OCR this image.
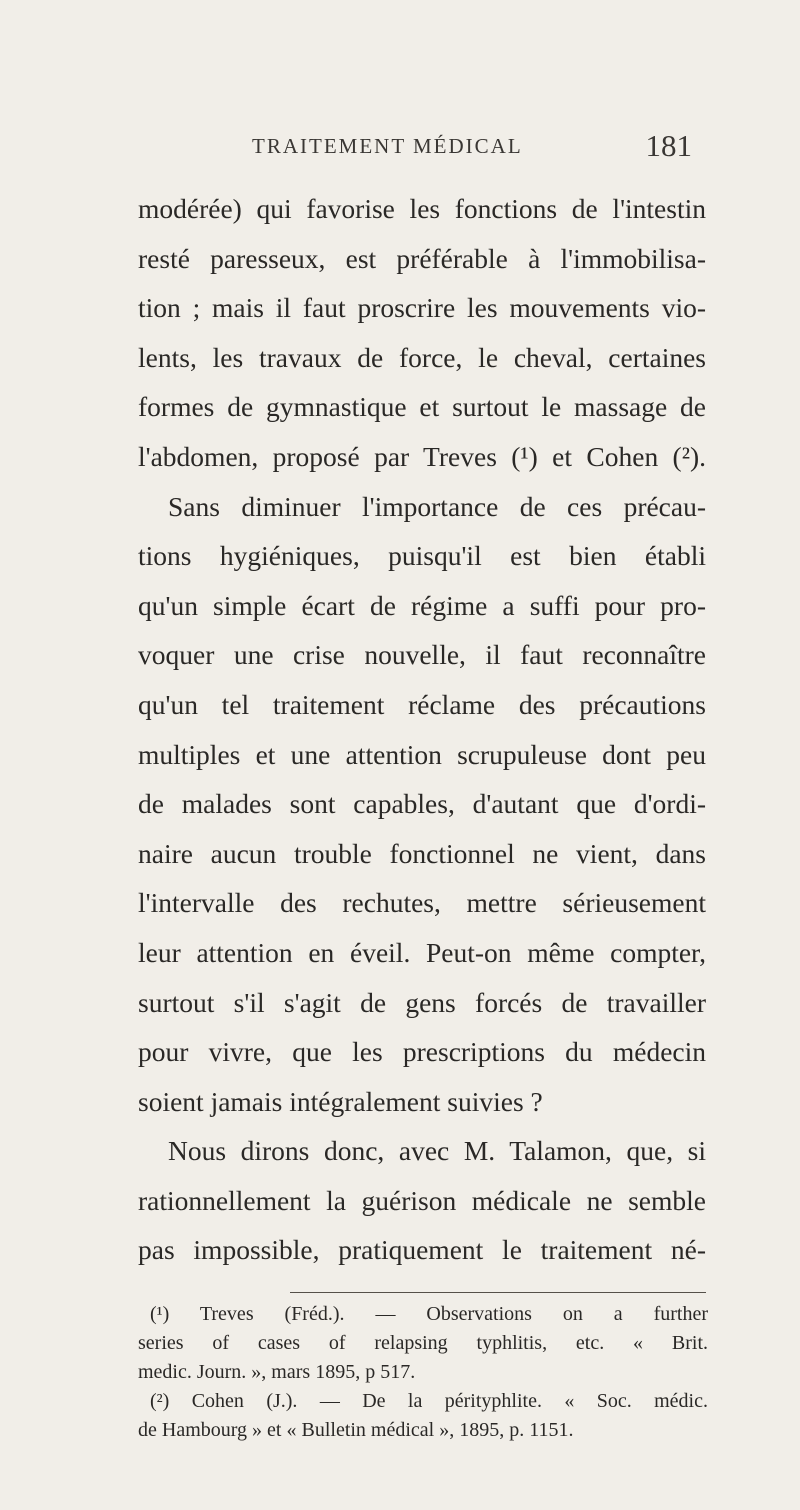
TRAITEMENT MÉDICAL	181
modérée) qui favorise les fonctions de l'intestin
resté paresseux, est préférable à l'immobilisa-
tion ; mais il faut proscrire les mouvements vio-
lents, les travaux de force, le cheval, certaines
formes de gymnastique et surtout le massage de
l'abdomen, proposé par Treves (¹) et Cohen (²).
Sans diminuer l'importance de ces précau-
tions hygiéniques, puisqu'il est bien établi
qu'un simple écart de régime a suffi pour pro-
voquer une crise nouvelle, il faut reconnaître
qu'un tel traitement réclame des précautions
multiples et une attention scrupuleuse dont peu
de malades sont capables, d'autant que d'ordi-
naire aucun trouble fonctionnel ne vient, dans
l'intervalle des rechutes, mettre sérieusement
leur attention en éveil. Peut-on même compter,
surtout s'il s'agit de gens forcés de travailler
pour vivre, que les prescriptions du médecin
soient jamais intégralement suivies ?
Nous dirons donc, avec M. Talamon, que, si
rationnellement la guérison médicale ne semble
pas impossible, pratiquement le traitement né-
(¹) Treves (Fréd.). — Observations on a further
series of cases of relapsing typhlitis, etc. « Brit.
medic. Journ. », mars 1895, p 517.
(²) Cohen (J.). — De la pérityphlite. « Soc. médic.
de Hambourg » et « Bulletin médical », 1895, p. 1151.
